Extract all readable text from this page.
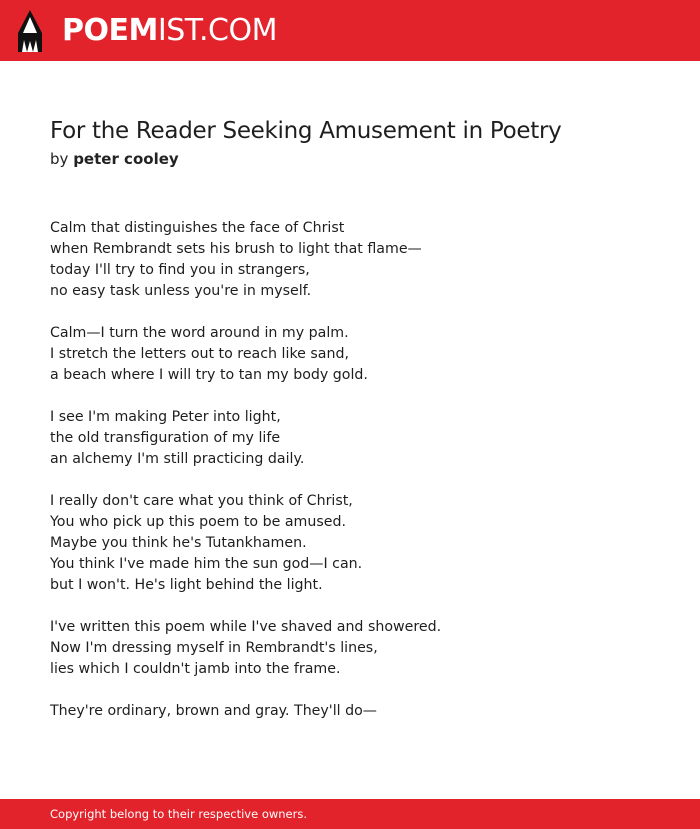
POEMIST.COM
For the Reader Seeking Amusement in Poetry
by peter cooley
Calm that distinguishes the face of Christ
when Rembrandt sets his brush to light that flame—
today I'll try to find you in strangers,
no easy task unless you're in myself.
Calm—I turn the word around in my palm.
I stretch the letters out to reach like sand,
a beach where I will try to tan my body gold.
I see I'm making Peter into light,
the old transfiguration of my life
an alchemy I'm still practicing daily.
I really don't care what you think of Christ,
You who pick up this poem to be amused.
Maybe you think he's Tutankhamen.
You think I've made him the sun god—I can.
but I won't. He's light behind the light.
I've written this poem while I've shaved and showered.
Now I'm dressing myself in Rembrandt's lines,
lies which I couldn't jamb into the frame.
They're ordinary, brown and gray. They'll do—
Copyright belong to their respective owners.
